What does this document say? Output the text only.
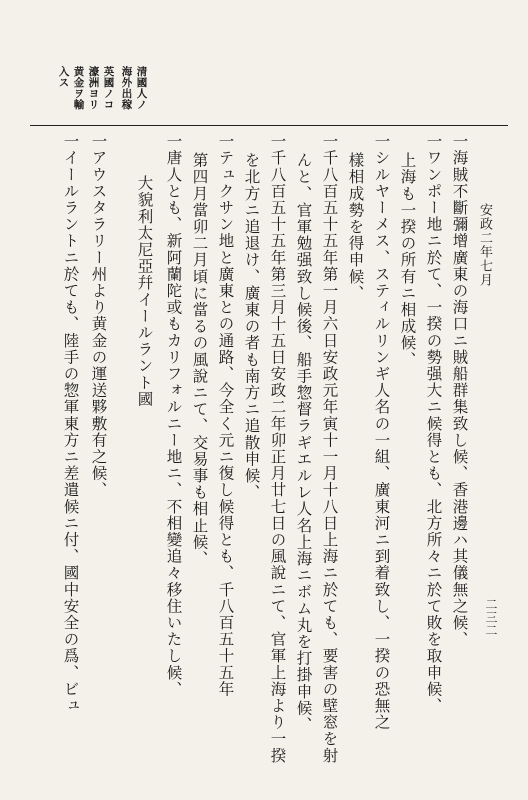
安政二年七月
二三二
清國人ノ
海外出稼
英國ノコ
濠洲ヨリ
黄金ヲ輸
入ス
一海賊不斷彌增廣東の海口ニ賊船群集致し候、香港邊ハ其儀無之候、
一ワンポー地ニ於て、一揆の勢强大ニ候得とも、北方所々ニ於て敗を取申候、
上海も一揆の所有ニ相成候、
一シルヤーメス、スティルリンギ人名の一組、廣東河ニ到着致し、一揆の恐無之
樣相成勢を得申候、
一千八百五十五年第一月六日安政元年寅十一月十八日上海ニ於ても、要害の壁窓を射
んと、官軍勉强致し候後、船手惣督ラギエルレ人名上海ニボム丸を打掛申候、
一千八百五十五年第三月十五日安政二年卯正月廿七日の風說ニて、官軍上海より一揆
を北方ニ追退け、廣東の者も南方ニ追散申候、
一テュクサン地と廣東との通路、今全く元ニ復し候得とも、千八百五十五年
第四月當卯二月頃に當るの風說ニて、交易事も相止候、
一唐人とも、新阿蘭陀或もカリフォルニー地ニ、不相變追々移住いたし候、
大貌利太尼亞幷イールラント國
一アウスタラリー州より黄金の運送夥敷有之候、
一イールラントニ於ても、陸手の惣軍東方ニ差遣候ニ付、國中安全の爲、ビュ
